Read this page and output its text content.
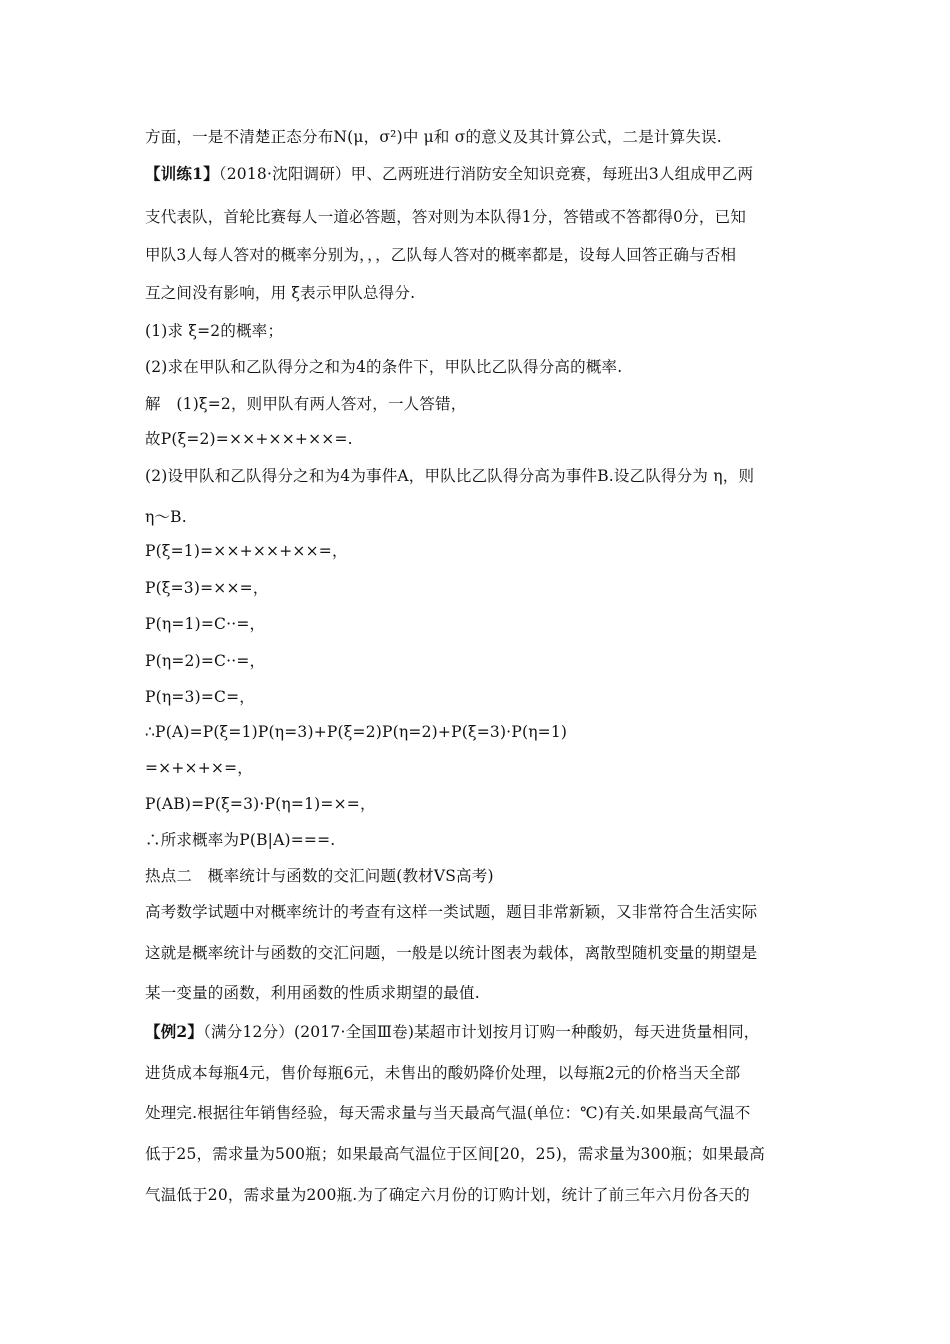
方面，一是不清楚正态分布N(μ，σ²)中 μ和 σ的意义及其计算公式，二是计算失误.
【训练1】（2018·沈阳调研）甲、乙两班进行消防安全知识竞赛，每班出3人组成甲乙两
支代表队，首轮比赛每人一道必答题，答对则为本队得1分，答错或不答都得0分，已知
甲队3人每人答对的概率分别为，，，乙队每人答对的概率都是，设每人回答正确与否相
互之间没有影响，用 ξ表示甲队总得分.
(1)求 ξ=2的概率；
(2)求在甲队和乙队得分之和为4的条件下，甲队比乙队得分高的概率.
解　(1)ξ=2，则甲队有两人答对，一人答错，
故P(ξ=2)=××+××+××=.
(2)设甲队和乙队得分之和为4为事件A，甲队比乙队得分高为事件B.设乙队得分为 η，则
η～B.
P(ξ=1)=××+××+××=，
P(ξ=3)=××=，
P(η=1)=C··=，
P(η=2)=C··=，
P(η=3)=C=，
∴P(A)=P(ξ=1)P(η=3)+P(ξ=2)P(η=2)+P(ξ=3)·P(η=1)
=×+×+×=，
P(AB)=P(ξ=3)·P(η=1)=×=，
∴所求概率为P(B|A)===.
热点二　概率统计与函数的交汇问题(教材VS高考)
高考数学试题中对概率统计的考查有这样一类试题，题目非常新颖，又非常符合生活实际
这就是概率统计与函数的交汇问题，一般是以统计图表为载体，离散型随机变量的期望是
某一变量的函数，利用函数的性质求期望的最值.
【例2】（满分12分）(2017·全国Ⅲ卷)某超市计划按月订购一种酸奶，每天进货量相同，
进货成本每瓶4元，售价每瓶6元，未售出的酸奶降价处理，以每瓶2元的价格当天全部
处理完.根据往年销售经验，每天需求量与当天最高气温(单位：℃)有关.如果最高气温不
低于25，需求量为500瓶；如果最高气温位于区间[20，25)，需求量为300瓶；如果最高
气温低于20，需求量为200瓶.为了确定六月份的订购计划，统计了前三年六月份各天的
